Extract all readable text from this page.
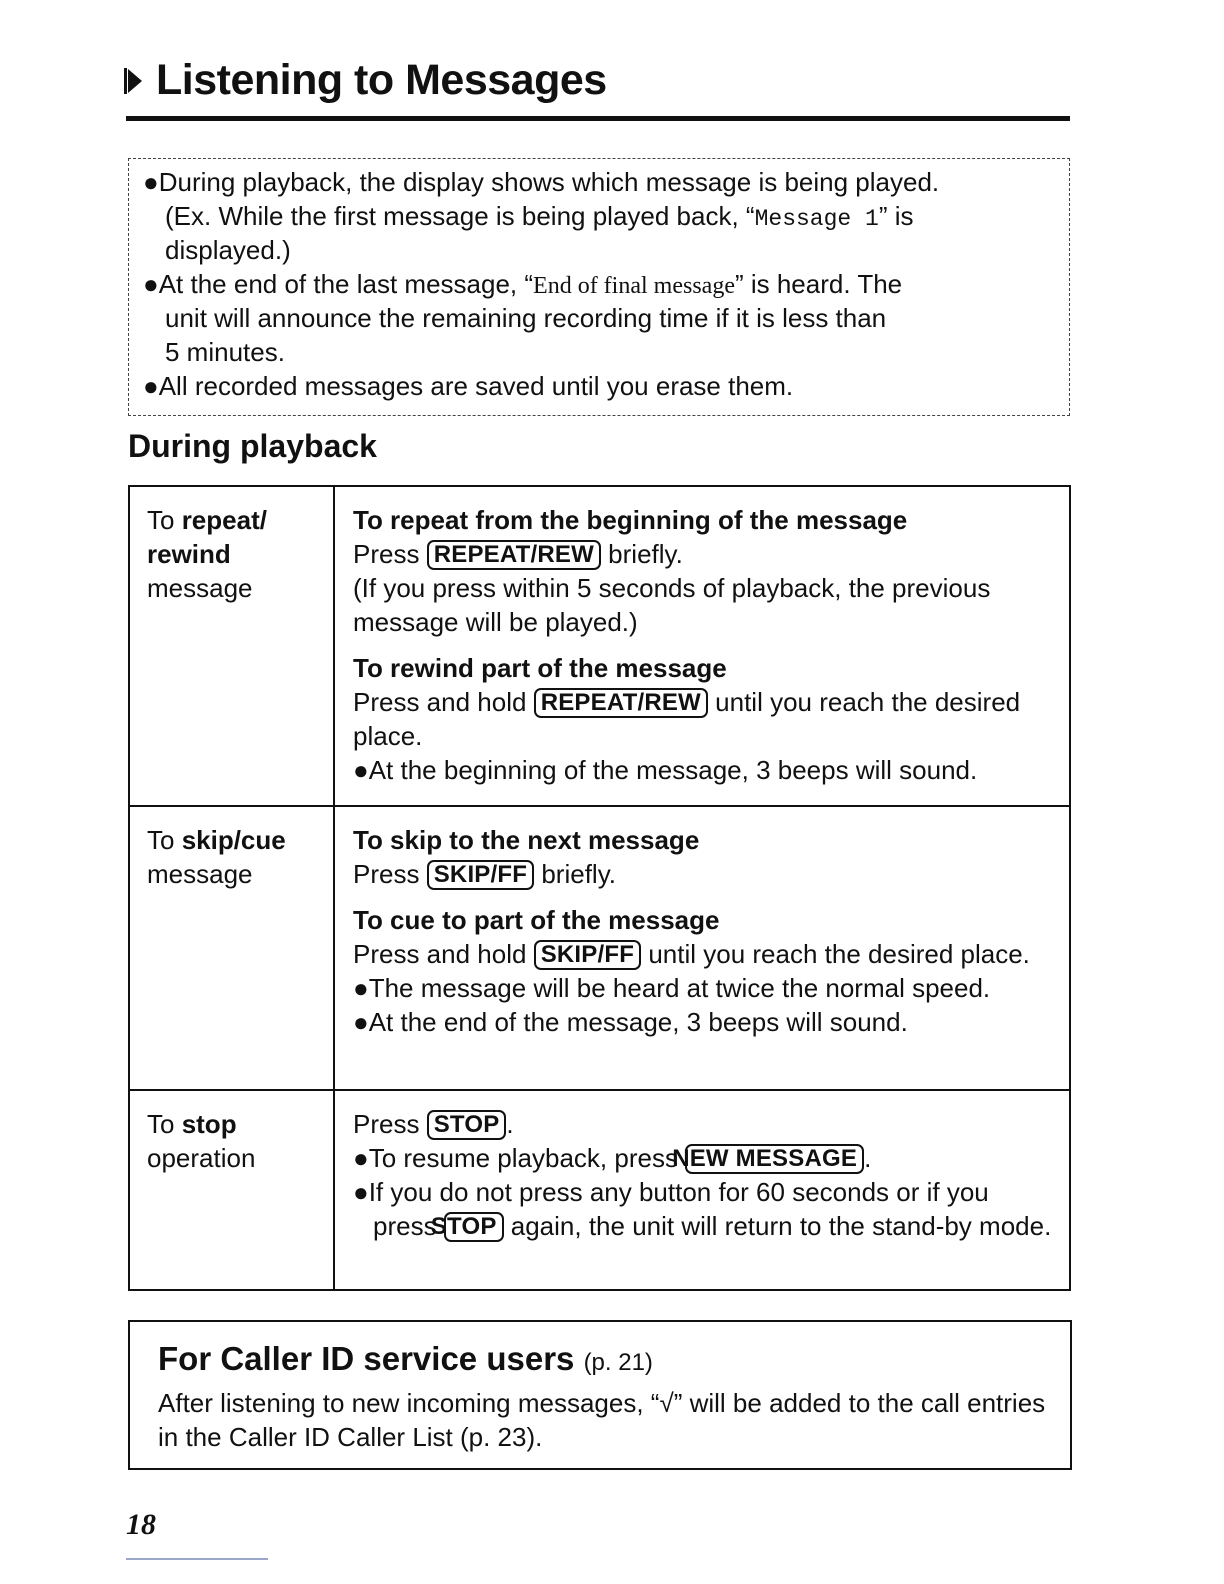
Listening to Messages
●During playback, the display shows which message is being played.
(Ex. While the first message is being played back, “Message 1” is
displayed.)
●At the end of the last message, “End of final message” is heard. The
unit will announce the remaining recording time if it is less than
5 minutes.
●All recorded messages are saved until you erase them.
During playback
To repeat/
rewind
message
To repeat from the beginning of the message
Press REPEAT/REW briefly.
(If you press within 5 seconds of playback, the previous message will be played.)
To rewind part of the message
Press and hold REPEAT/REW until you reach the desired place.
●At the beginning of the message, 3 beeps will sound.
To skip/cue
message
To skip to the next message
Press SKIP/FF briefly.
To cue to part of the message
Press and hold SKIP/FF until you reach the desired place.
●The message will be heard at twice the normal speed.
●At the end of the message, 3 beeps will sound.
To stop
operation
Press STOP .
●To resume playback, press NEW MESSAGE .
●If you do not press any button for 60 seconds or if you press STOP again, the unit will return to the stand-by mode.
For Caller ID service users (p. 21)
After listening to new incoming messages, “√” will be added to the call entries in the Caller ID Caller List (p. 23).
18
